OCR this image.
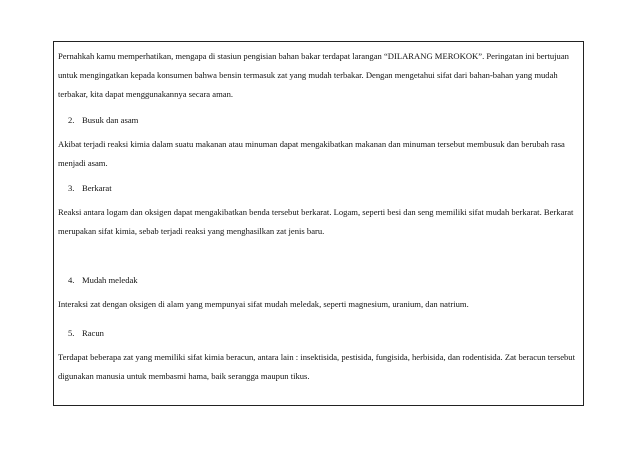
Pernahkah kamu memperhatikan, mengapa di stasiun pengisian bahan bakar terdapat larangan “DILARANG MEROKOK”. Peringatan ini bertujuan untuk mengingatkan kepada konsumen bahwa bensin termasuk zat yang mudah terbakar. Dengan mengetahui sifat dari bahan-bahan yang mudah terbakar, kita dapat menggunakannya secara aman.

2. Busuk dan asam

Akibat terjadi reaksi kimia dalam suatu makanan atau minuman dapat mengakibatkan makanan dan minuman tersebut membusuk dan berubah rasa menjadi asam.

3. Berkarat

Reaksi antara logam dan oksigen dapat mengakibatkan benda tersebut berkarat. Logam, seperti besi dan seng memiliki sifat mudah berkarat. Berkarat merupakan sifat kimia, sebab terjadi reaksi yang menghasilkan zat jenis baru.

4. Mudah meledak

Interaksi zat dengan oksigen di alam yang mempunyai sifat mudah meledak, seperti magnesium, uranium, dan natrium.

5. Racun

Terdapat beberapa zat yang memiliki sifat kimia beracun, antara lain : insektisida, pestisida, fungisida, herbisida, dan rodentisida. Zat beracun tersebut digunakan manusia untuk membasmi hama, baik serangga maupun tikus.
